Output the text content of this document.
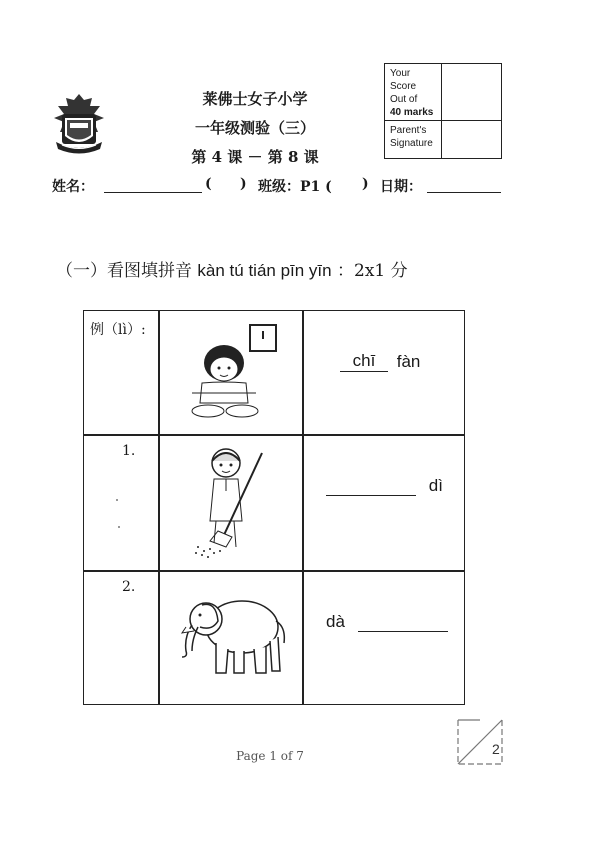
莱佛士女子小学
一年级测验（三）
第 4 课 － 第 8 课
Your
Score
Out of
40 marks
Parent's
Signature
姓名：	( ) 班级：P1 ( ) 日期：
（一）看图填拼音 kàn tú tián pīn yīn ：2x1 分
例（lì）:
chī fàn
1.
dì
2.
dà
Page 1 of 7	2
